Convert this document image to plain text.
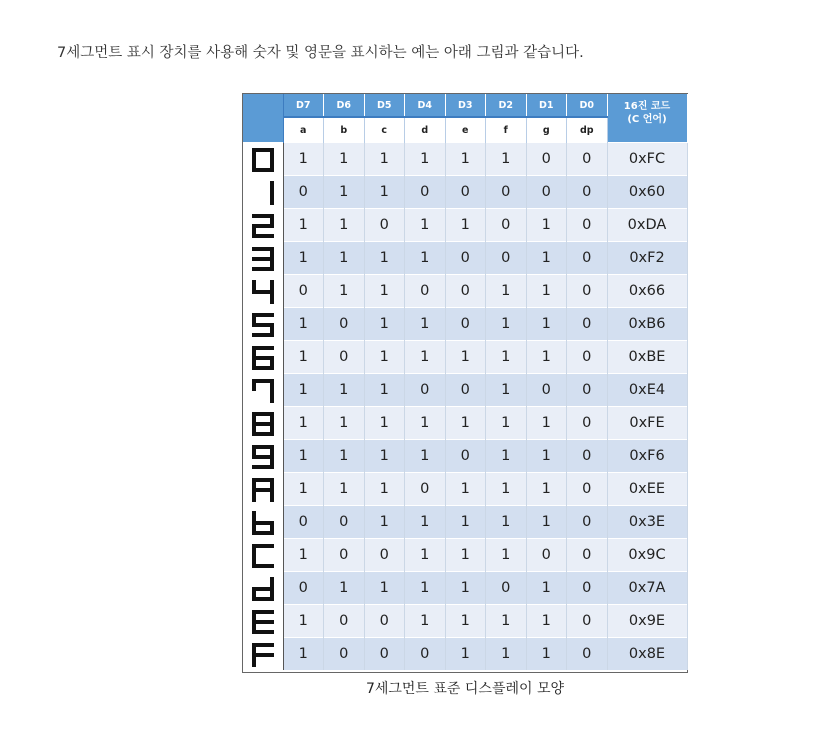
7세그먼트 표시 장치를 사용해 숫자 및 영문을 표시하는 예는 아래 그림과 같습니다.
	D7	D6	D5	D4	D3	D2	D1	D0	16진 코드
(C 언어)

	a	b	c	d	e	f	g	dp	

	1	1	1	1	1	1	0	0	0xFC

	0	1	1	0	0	0	0	0	0x60

	1	1	0	1	1	0	1	0	0xDA

	1	1	1	1	0	0	1	0	0xF2

	0	1	1	0	0	1	1	0	0x66

	1	0	1	1	0	1	1	0	0xB6

	1	0	1	1	1	1	1	0	0xBE

	1	1	1	0	0	1	0	0	0xE4

	1	1	1	1	1	1	1	0	0xFE

	1	1	1	1	0	1	1	0	0xF6

	1	1	1	0	1	1	1	0	0xEE

	0	0	1	1	1	1	1	0	0x3E

	1	0	0	1	1	1	0	0	0x9C

	0	1	1	1	1	0	1	0	0x7A

	1	0	0	1	1	1	1	0	0x9E

	1	0	0	0	1	1	1	0	0x8E
7세그먼트 표준 디스플레이 모양
